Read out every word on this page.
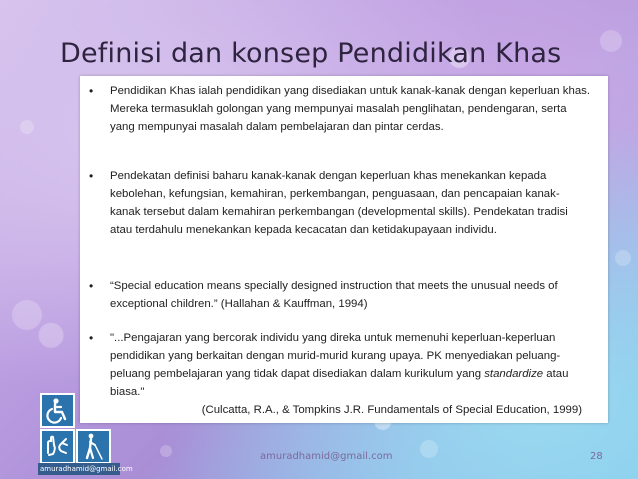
Definisi dan konsep Pendidikan Khas
• Pendidikan Khas ialah pendidikan yang disediakan untuk kanak-kanak dengan keperluan khas. Mereka termasuklah golongan yang mempunyai masalah penglihatan, pendengaran, serta yang mempunyai masalah dalam pembelajaran dan pintar cerdas.
• Pendekatan definisi baharu kanak-kanak dengan keperluan khas menekankan kepada kebolehan, kefungsian, kemahiran, perkembangan, penguasaan, dan pencapaian kanak-kanak tersebut dalam kemahiran perkembangan (developmental skills). Pendekatan tradisi atau terdahulu menekankan kepada kecacatan dan ketidakupayaan individu.
• “Special education means specially designed instruction that meets the unusual needs of exceptional children.” (Hallahan & Kauffman, 1994)
• "...Pengajaran yang bercorak individu yang direka untuk memenuhi keperluan-keperluan pendidikan yang berkaitan dengan murid-murid kurang upaya. PK menyediakan peluang-peluang pembelajaran yang tidak dapat disediakan dalam kurikulum yang standardize atau biasa."
(Culcatta, R.A., & Tompkins J.R. Fundamentals of Special Education, 1999)
amuradhamid@gmail.com
amuradhamid@gmail.com	28
